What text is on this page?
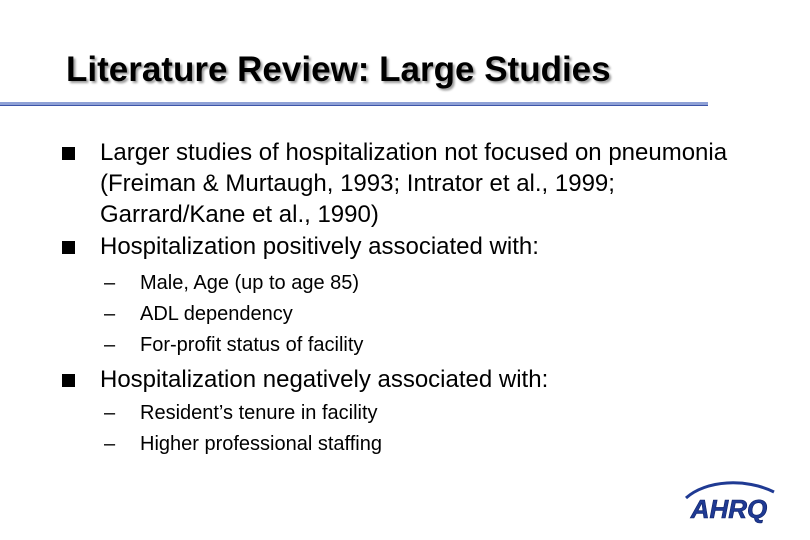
Literature Review: Large Studies
Larger studies of hospitalization not focused on pneumonia (Freiman & Murtaugh, 1993; Intrator et al., 1999; Garrard/Kane et al., 1990)
Hospitalization positively associated with:
– Male, Age (up to age 85)
– ADL dependency
– For-profit status of facility
Hospitalization negatively associated with:
– Resident’s tenure in facility
– Higher professional staffing
AHRQ
